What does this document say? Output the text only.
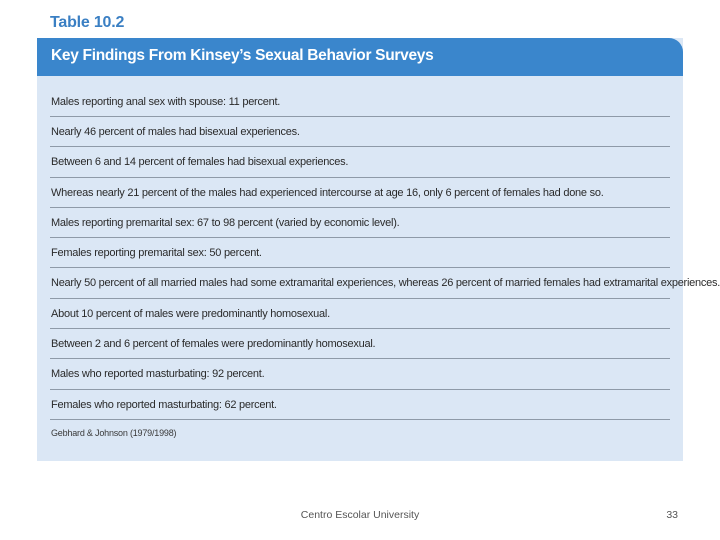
Table 10.2
Key Findings From Kinsey’s Sexual Behavior Surveys
Males reporting anal sex with spouse: 11 percent.
Nearly 46 percent of males had bisexual experiences.
Between 6 and 14 percent of females had bisexual experiences.
Whereas nearly 21 percent of the males had experienced intercourse at age 16, only 6 percent of females had done so.
Males reporting premarital sex: 67 to 98 percent (varied by economic level).
Females reporting premarital sex: 50 percent.
Nearly 50 percent of all married males had some extramarital experiences, whereas 26 percent of married females had extramarital experiences.
About 10 percent of males were predominantly homosexual.
Between 2 and 6 percent of females were predominantly homosexual.
Males who reported masturbating: 92 percent.
Females who reported masturbating: 62 percent.
Gebhard & Johnson (1979/1998)
Centro Escolar University	33
